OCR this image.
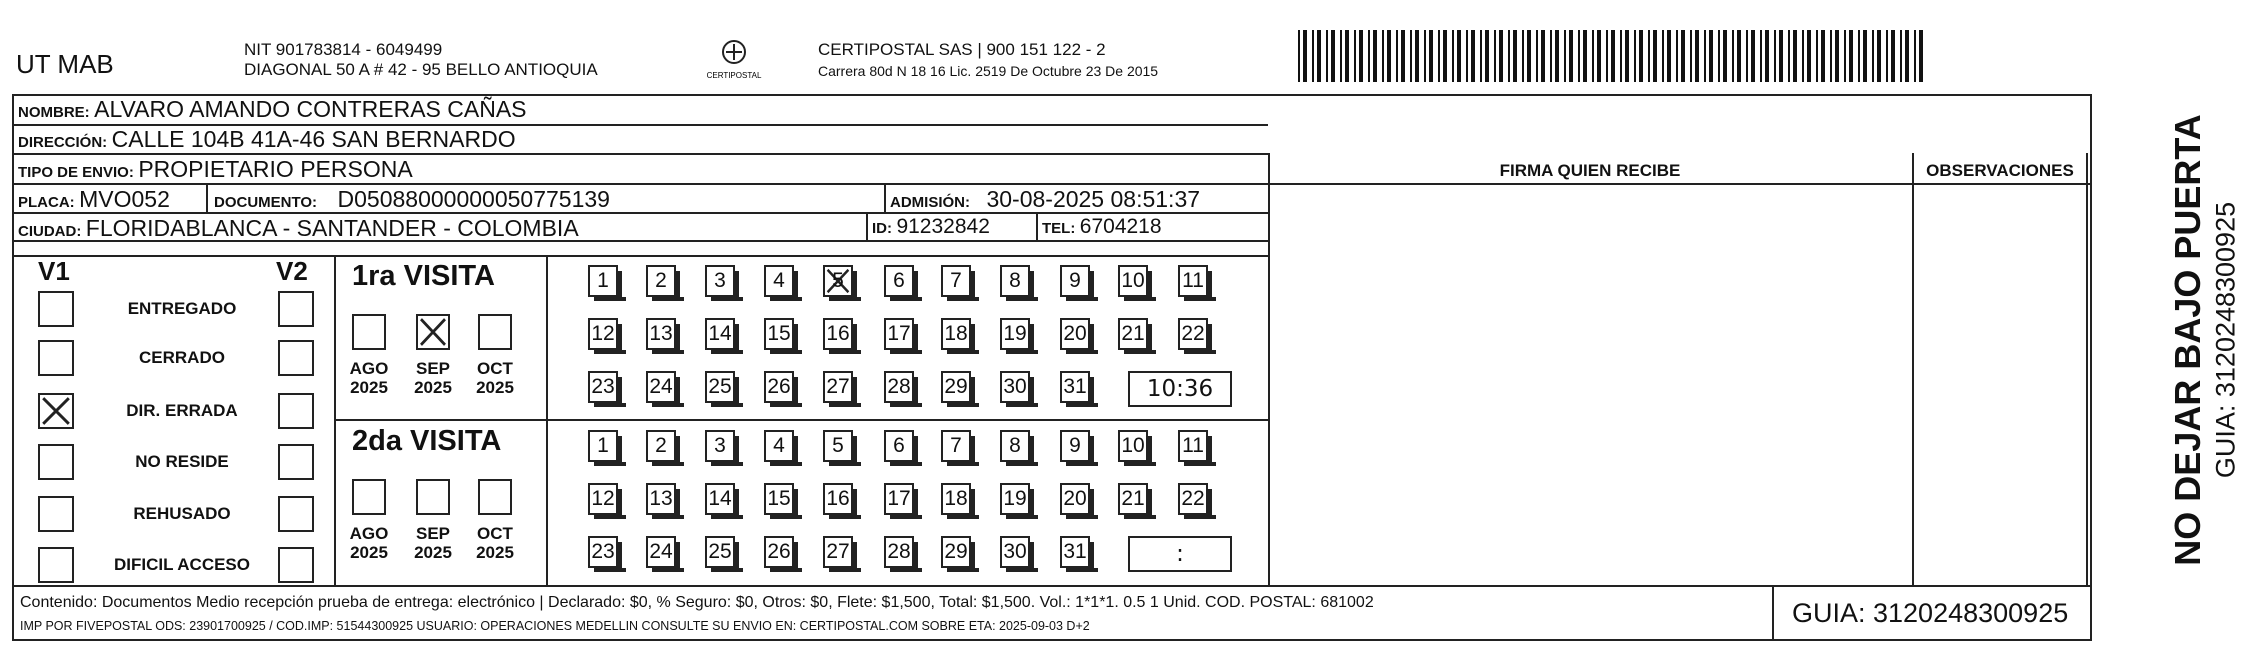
UT MAB	NIT 901783814 - 6049499
DIAGONAL 50 A # 42 - 95 BELLO ANTIOQUIA	CERTIPOSTAL
CERTIPOSTAL SAS | 900 151 122 - 2
Carrera 80d N 18 16 Lic. 2519 De Octubre 23 De 2015
NOMBRE: ALVARO AMANDO CONTRERAS CAÑAS
DIRECCIÓN: CALLE 104B 41A-46 SAN BERNARDO
TIPO DE ENVIO: PROPIETARIO PERSONA
PLACA: MVO052	DOCUMENTO: D05088000000050775139	ADMISIÓN: 30-08-2025 08:51:37
CIUDAD: FLORIDABLANCA - SANTANDER - COLOMBIA	ID: 91232842	TEL: 6704218
FIRMA QUIEN RECIBE	OBSERVACIONES
V1	V2
ENTREGADO
CERRADO
DIR. ERRADA
NO RESIDE
REHUSADO
DIFICIL ACCESO
1ra VISITA
AGO
2025
SEP
2025
OCT
2025
1	2	3	4	5	6	7	8	9	10 11
12 13 14 15 16 17 18 19 20 21 22
23 24 25 26 27 28 29 30 31	10:36
2da VISITA
AGO
2025
SEP
2025
OCT
2025
1	2	3	4	5	6	7	8	9	10 11
12 13 14 15 16 17 18 19 20 21 22
23 24 25 26 27 28 29 30 31	:
Contenido: Documentos Medio recepción prueba de entrega: electrónico | Declarado: $0, % Seguro: $0, Otros: $0, Flete: $1,500, Total: $1,500. Vol.: 1*1*1. 0.5 1 Unid. COD. POSTAL: 681002
IMP POR FIVEPOSTAL ODS: 23901700925 / COD.IMP: 51544300925 USUARIO: OPERACIONES MEDELLIN CONSULTE SU ENVIO EN: CERTIPOSTAL.COM SOBRE ETA: 2025-09-03 D+2	GUIA: 3120248300925
NO DEJAR BAJO PUERTA GUIA: 3120248300925
